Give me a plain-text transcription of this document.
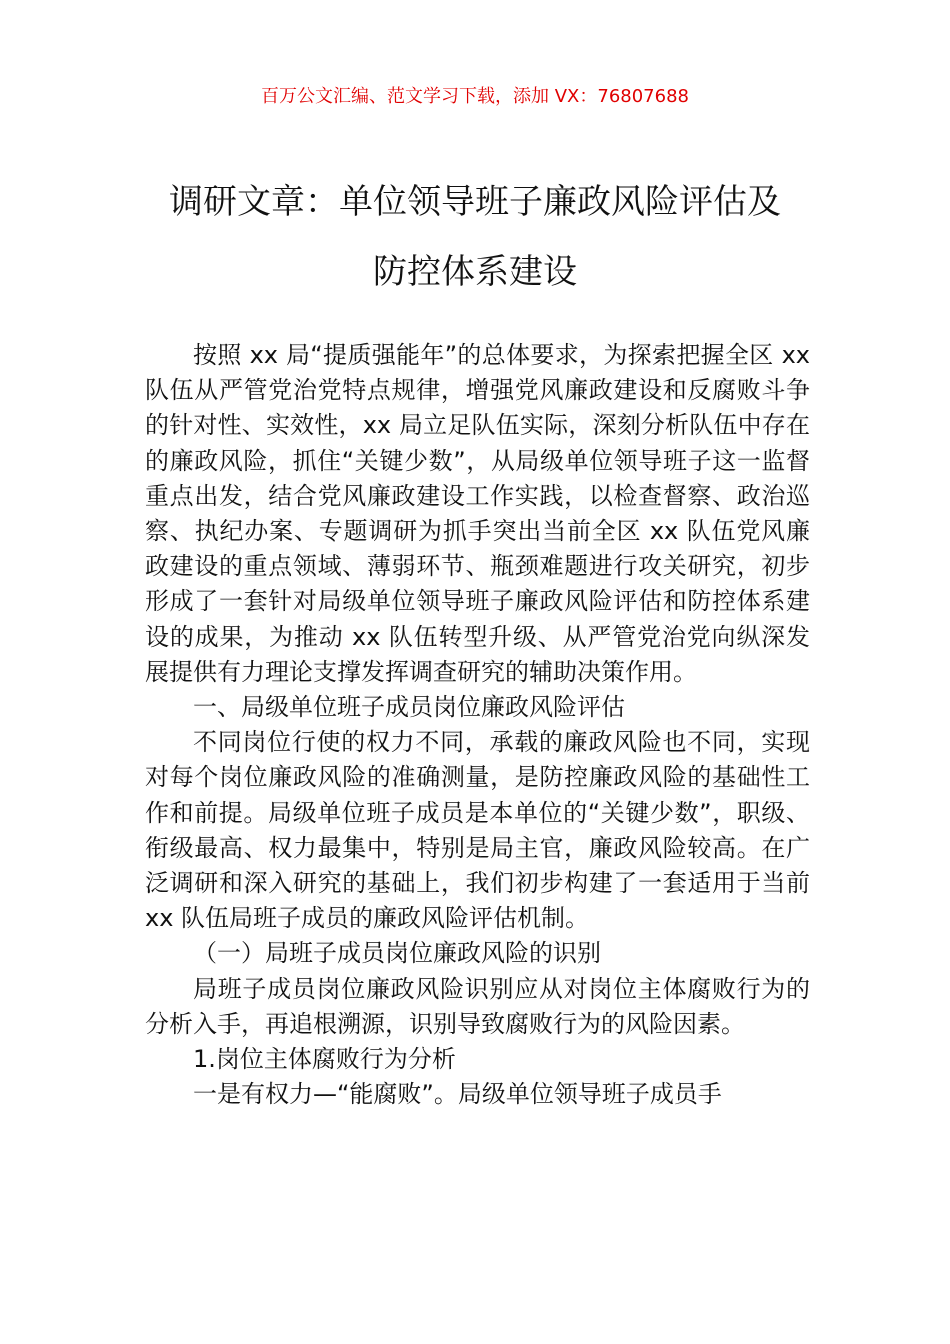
百万公文汇编、范文学习下载，添加 VX：76807688
调研文章：单位领导班子廉政风险评估及
防控体系建设

按照 xx 局“提质强能年”的总体要求，为探索把握全区 xx 队伍从严管党治党特点规律，增强党风廉政建设和反腐败斗争的针对性、实效性，xx 局立足队伍实际，深刻分析队伍中存在的廉政风险，抓住“关键少数”，从局级单位领导班子这一监督重点出发，结合党风廉政建设工作实践，以检查督察、政治巡察、执纪办案、专题调研为抓手突出当前全区 xx 队伍党风廉政建设的重点领域、薄弱环节、瓶颈难题进行攻关研究，初步形成了一套针对局级单位领导班子廉政风险评估和防控体系建设的成果，为推动 xx 队伍转型升级、从严管党治党向纵深发展提供有力理论支撑发挥调查研究的辅助决策作用。

一、局级单位班子成员岗位廉政风险评估

不同岗位行使的权力不同，承载的廉政风险也不同，实现对每个岗位廉政风险的准确测量，是防控廉政风险的基础性工作和前提。局级单位班子成员是本单位的“关键少数”，职级、衔级最高、权力最集中，特别是局主官，廉政风险较高。在广泛调研和深入研究的基础上，我们初步构建了一套适用于当前 xx 队伍局班子成员的廉政风险评估机制。

（一）局班子成员岗位廉政风险的识别

局班子成员岗位廉政风险识别应从对岗位主体腐败行为的分析入手，再追根溯源，识别导致腐败行为的风险因素。

1.岗位主体腐败行为分析

一是有权力—“能腐败”。局级单位领导班子成员手
